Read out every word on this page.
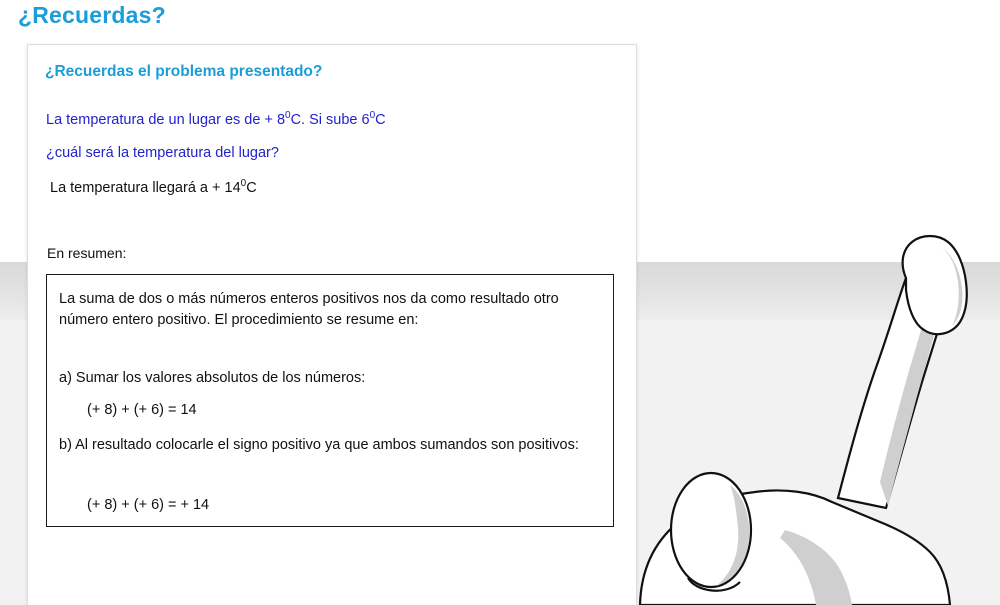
¿Recuerdas?
¿Recuerdas el problema presentado?
La temperatura de un lugar es de + $8^0C$. Si sube $6^0C$
¿cuál será la temperatura del lugar?
La temperatura llegará $a + 14^0C$
En resumen:

La suma de dos o más números enteros positivos nos da como resultado otro número entero positivo. El procedimiento se resume en:

a) Sumar los valores absolutos de los números:

(+ 8) + (+ 6) = 14

b) Al resultado colocarle el signo positivo ya que ambos sumandos son positivos:

(+ 8) + (+ 6) = + 14
